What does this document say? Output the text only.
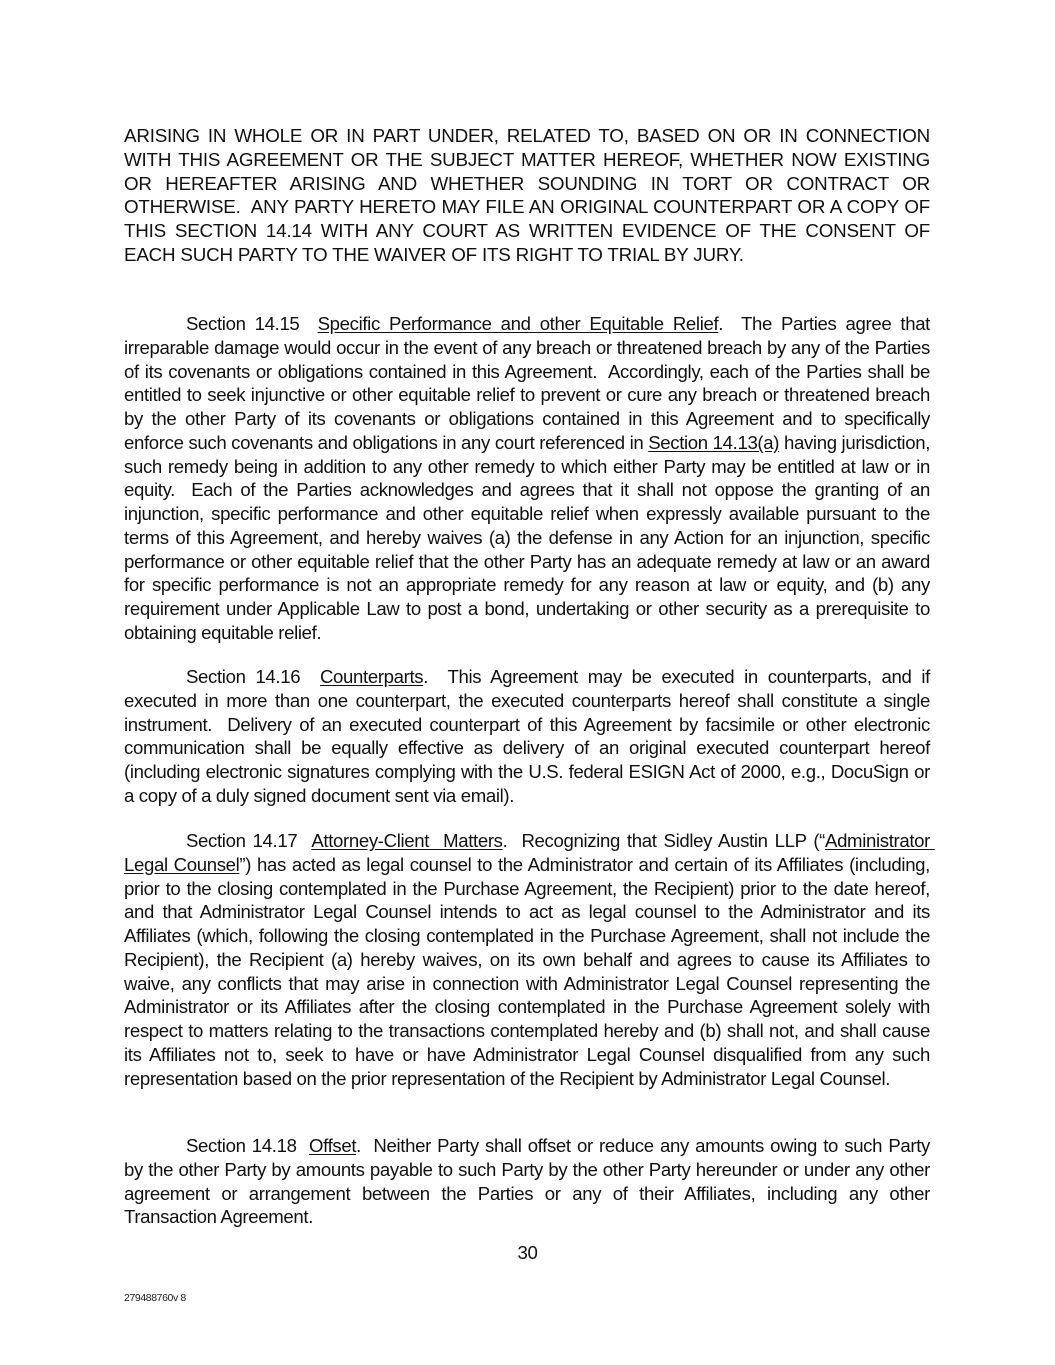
ARISING IN WHOLE OR IN PART UNDER, RELATED TO, BASED ON OR IN CONNECTION WITH THIS AGREEMENT OR THE SUBJECT MATTER HEREOF, WHETHER NOW EXISTING OR HEREAFTER ARISING AND WHETHER SOUNDING IN TORT OR CONTRACT OR OTHERWISE.  ANY PARTY HERETO MAY FILE AN ORIGINAL COUNTERPART OR A COPY OF THIS SECTION 14.14 WITH ANY COURT AS WRITTEN EVIDENCE OF THE CONSENT OF EACH SUCH PARTY TO THE WAIVER OF ITS RIGHT TO TRIAL BY JURY.

Section 14.15 Specific Performance and other Equitable Relief.  The Parties agree that irreparable damage would occur in the event of any breach or threatened breach by any of the Parties of its covenants or obligations contained in this Agreement.  Accordingly, each of the Parties shall be entitled to seek injunctive or other equitable relief to prevent or cure any breach or threatened breach by the other Party of its covenants or obligations contained in this Agreement and to specifically enforce such covenants and obligations in any court referenced in Section 14.13(a) having jurisdiction, such remedy being in addition to any other remedy to which either Party may be entitled at law or in equity.  Each of the Parties acknowledges and agrees that it shall not oppose the granting of an injunction, specific performance and other equitable relief when expressly available pursuant to the terms of this Agreement, and hereby waives (a) the defense in any Action for an injunction, specific performance or other equitable relief that the other Party has an adequate remedy at law or an award for specific performance is not an appropriate remedy for any reason at law or equity, and (b) any requirement under Applicable Law to post a bond, undertaking or other security as a prerequisite to obtaining equitable relief.

Section 14.16 Counterparts.  This Agreement may be executed in counterparts, and if executed in more than one counterpart, the executed counterparts hereof shall constitute a single instrument.  Delivery of an executed counterpart of this Agreement by facsimile or other electronic communication shall be equally effective as delivery of an original executed counterpart hereof (including electronic signatures complying with the U.S. federal ESIGN Act of 2000, e.g., DocuSign or a copy of a duly signed document sent via email).

Section 14.17 Attorney-Client  Matters.  Recognizing that Sidley Austin LLP (“Administrator Legal Counsel”) has acted as legal counsel to the Administrator and certain of its Affiliates (including, prior to the closing contemplated in the Purchase Agreement, the Recipient) prior to the date hereof, and that Administrator Legal Counsel intends to act as legal counsel to the Administrator and its Affiliates (which, following the closing contemplated in the Purchase Agreement, shall not include the Recipient), the Recipient (a) hereby waives, on its own behalf and agrees to cause its Affiliates to waive, any conflicts that may arise in connection with Administrator Legal Counsel representing the Administrator or its Affiliates after the closing contemplated in the Purchase Agreement solely with respect to matters relating to the transactions contemplated hereby and (b) shall not, and shall cause its Affiliates not to, seek to have or have Administrator Legal Counsel disqualified from any such representation based on the prior representation of the Recipient by Administrator Legal Counsel.

Section 14.18 Offset.  Neither Party shall offset or reduce any amounts owing to such Party by the other Party by amounts payable to such Party by the other Party hereunder or under any other agreement or arrangement between the Parties or any of their Affiliates, including any other Transaction Agreement.

30
279488760v 8
